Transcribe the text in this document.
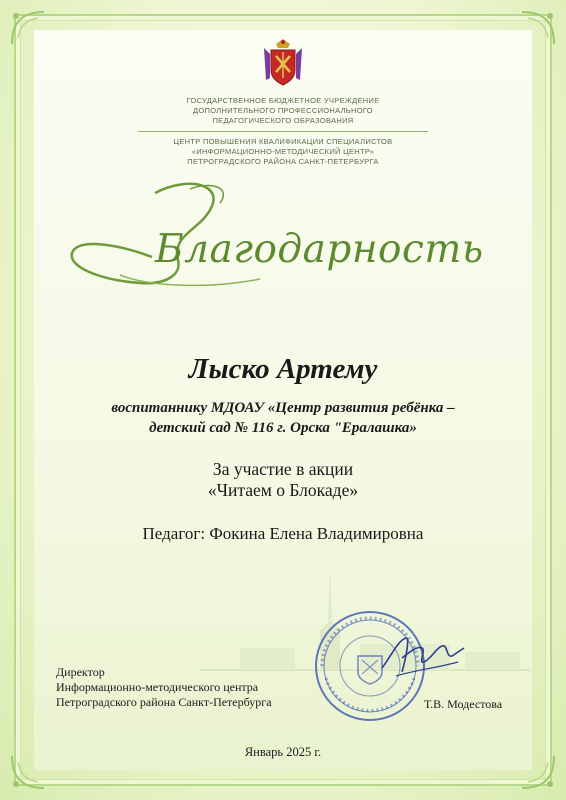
ГОСУДАРСТВЕННОЕ БЮДЖЕТНОЕ УЧРЕЖДЕНИЕ
ДОПОЛНИТЕЛЬНОГО ПРОФЕССИОНАЛЬНОГО
ПЕДАГОГИЧЕСКОГО ОБРАЗОВАНИЯ
ЦЕНТР ПОВЫШЕНИЯ КВАЛИФИКАЦИИ СПЕЦИАЛИСТОВ
«ИНФОРМАЦИОННО-МЕТОДИЧЕСКИЙ ЦЕНТР»
ПЕТРОГРАДСКОГО РАЙОНА САНКТ-ПЕТЕРБУРГА
Благодарность
Лыско Артему
воспитаннику МДОАУ «Центр развития ребёнка –
детский сад № 116 г. Орска "Ералашка»
За участие в акции
«Читаем о Блокаде»
Педагог: Фокина Елена Владимировна
Директор
Информационно-методического центра
Петроградского района Санкт-Петербурга	Т.В. Модестова
Январь 2025 г.
